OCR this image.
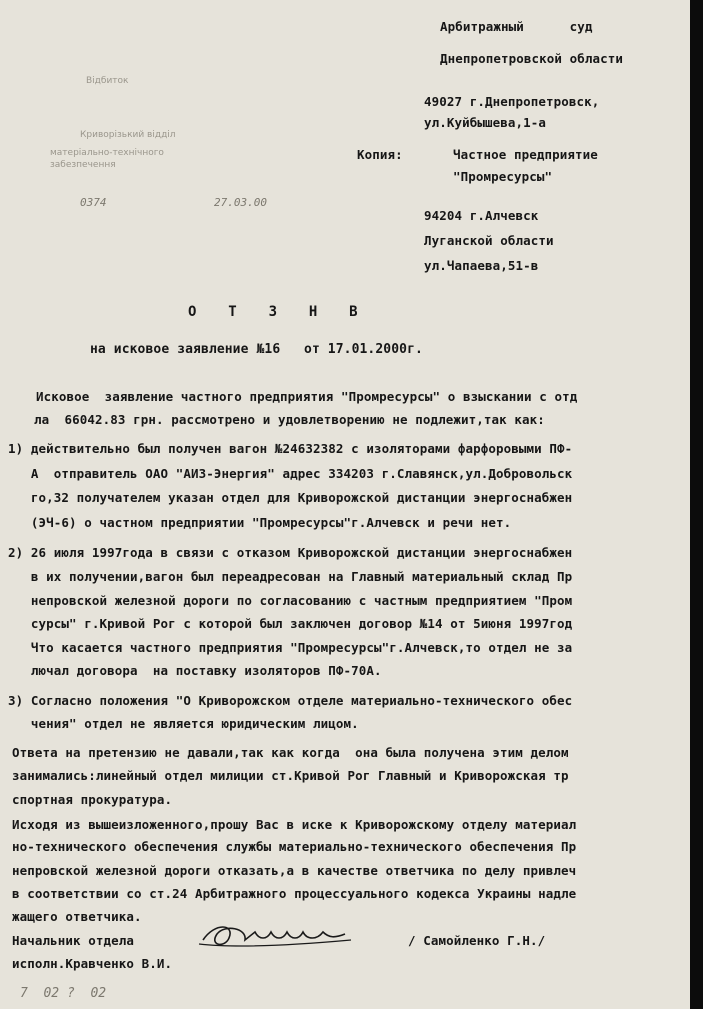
Відбиток
Криворізький відділ
матеріально-технічного
забезпечення
0374	27.03.00
Арбитражный      суд
Днепропетровской области
49027 г.Днепропетровск,
ул.Куйбышева,1-а
Копия:	Частное предприятие
"Промресурсы"
94204 г.Алчевск
Луганской области
ул.Чапаева,51-в
О  Т  З  Н  В
на исковое заявление №16   от 17.01.2000г.
Исковое  заявление частного предприятия "Промресурсы" о взыскании с отд
ла  66042.83 грн. рассмотрено и удовлетворению не подлежит,так как:
1) действительно был получен вагон №24632382 с изоляторами фарфоровыми ПФ-
А  отправитель ОАО "АИЗ-Энергия" адрес 334203 г.Славянск,ул.Добровольск
го,32 получателем указан отдел для Криворожской дистанции энергоснабжен
(ЭЧ-6) о частном предприятии "Промресурсы"г.Алчевск и речи нет.
2) 26 июля 1997года в связи с отказом Криворожской дистанции энергоснабжен
в их получении,вагон был переадресован на Главный материальный склад Пр
непровской железной дороги по согласованию с частным предприятием "Пром
сурсы" г.Кривой Рог с которой был заключен договор №14 от 5июня 1997год
Что касается частного предприятия "Промресурсы"г.Алчевск,то отдел не за
лючал договора  на поставку изоляторов ПФ-70А.
3) Согласно положения "О Криворожском отделе материально-технического обес
чения" отдел не является юридическим лицом.
Ответа на претензию не давали,так как когда  она была получена этим делом
занимались:линейный отдел милиции ст.Кривой Рог Главный и Криворожская тр
спортная прокуратура.
Исходя из вышеизложенного,прошу Вас в иске к Криворожскому отделу материал
но-технического обеспечения службы материально-технического обеспечения Пр
непровской железной дороги отказать,а в качестве ответчика по делу привлеч
в соответствии со ст.24 Арбитражного процессуального кодекса Украины надле
жащего ответчика.
Начальник отдела	/ Самойленко Г.Н./
исполн.Кравченко В.И.
7  02 ?  02
